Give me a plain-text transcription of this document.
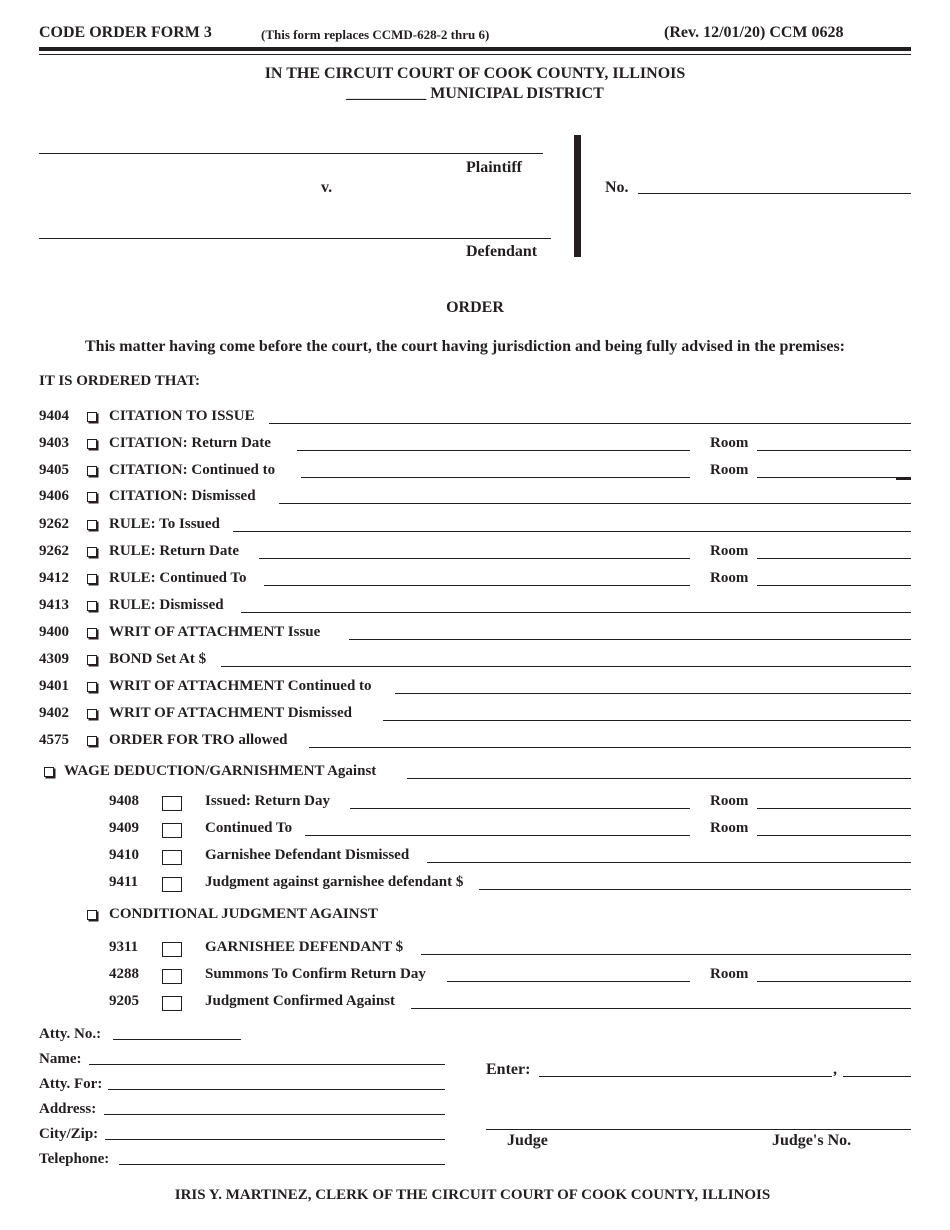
CODE ORDER FORM 3	(This form replaces CCMD-628-2 thru 6)	(Rev. 12/01/20) CCM 0628
IN THE CIRCUIT COURT OF COOK COUNTY, ILLINOIS
__________ MUNICIPAL DISTRICT
Plaintiff
v.
Defendant
No.
ORDER
This matter having come before the court, the court having jurisdiction and being fully advised in the premises:
IT IS ORDERED THAT:
Atty. No.:
Name:
Atty. For:
Address:
City/Zip:
Telephone:
Enter:	,
Judge	Judge's No.
IRIS Y. MARTINEZ, CLERK OF THE CIRCUIT COURT OF COOK COUNTY, ILLINOIS
9404	CITATION TO ISSUE
9403	CITATION: Return Date	Room
9405	CITATION: Continued to	Room
9406	CITATION: Dismissed
9262	RULE: To Issued
9262	RULE: Return Date	Room
9412	RULE: Continued To	Room
9413	RULE: Dismissed
9400	WRIT OF ATTACHMENT Issue
4309	BOND Set At $
9401	WRIT OF ATTACHMENT Continued to
9402	WRIT OF ATTACHMENT Dismissed
4575	ORDER FOR TRO allowed
WAGE DEDUCTION/GARNISHMENT Against
9408	Issued: Return Day	Room
9409	Continued To	Room
9410	Garnishee Defendant Dismissed
9411	Judgment against garnishee defendant $
CONDITIONAL JUDGMENT AGAINST
9311	GARNISHEE DEFENDANT $
4288	Summons To Confirm Return Day	Room
9205	Judgment Confirmed Against
